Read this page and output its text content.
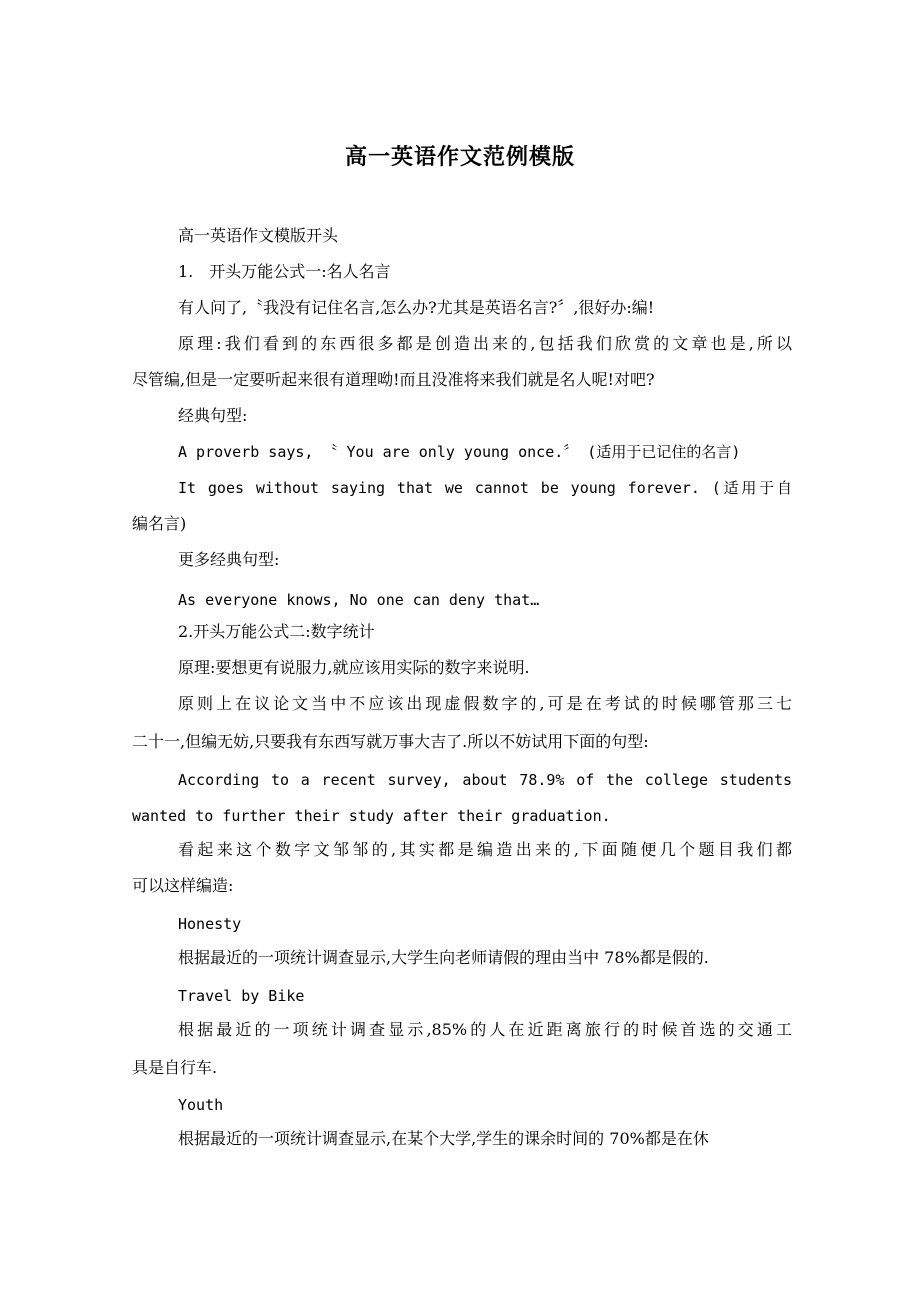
高一英语作文范例模版
高一英语作文模版开头
1.　开头万能公式一:名人名言
有人问了,〝我没有记住名言,怎么办?尤其是英语名言?〞,很好办:编!
原理:我们看到的东西很多都是创造出来的,包括我们欣赏的文章也是,所以
尽管编,但是一定要听起来很有道理呦!而且没准将来我们就是名人呢!对吧?
经典句型:
A proverb says, 〝 You are only young once.〞 (适用于已记住的名言)
It goes without saying that we cannot be young forever. (适用于自
编名言)
更多经典句型:
As everyone knows, No one can deny that…
2.开头万能公式二:数字统计
原理:要想更有说服力,就应该用实际的数字来说明.
原则上在议论文当中不应该出现虚假数字的,可是在考试的时候哪管那三七
二十一,但编无妨,只要我有东西写就万事大吉了.所以不妨试用下面的句型:
According to a recent survey, about 78.9% of the college students
wanted to further their study after their graduation.
看起来这个数字文邹邹的,其实都是编造出来的,下面随便几个题目我们都
可以这样编造:
Honesty
根据最近的一项统计调查显示,大学生向老师请假的理由当中 78%都是假的.
Travel by Bike
根据最近的一项统计调查显示,85%的人在近距离旅行的时候首选的交通工
具是自行车.
Youth
根据最近的一项统计调查显示,在某个大学,学生的课余时间的 70%都是在休
